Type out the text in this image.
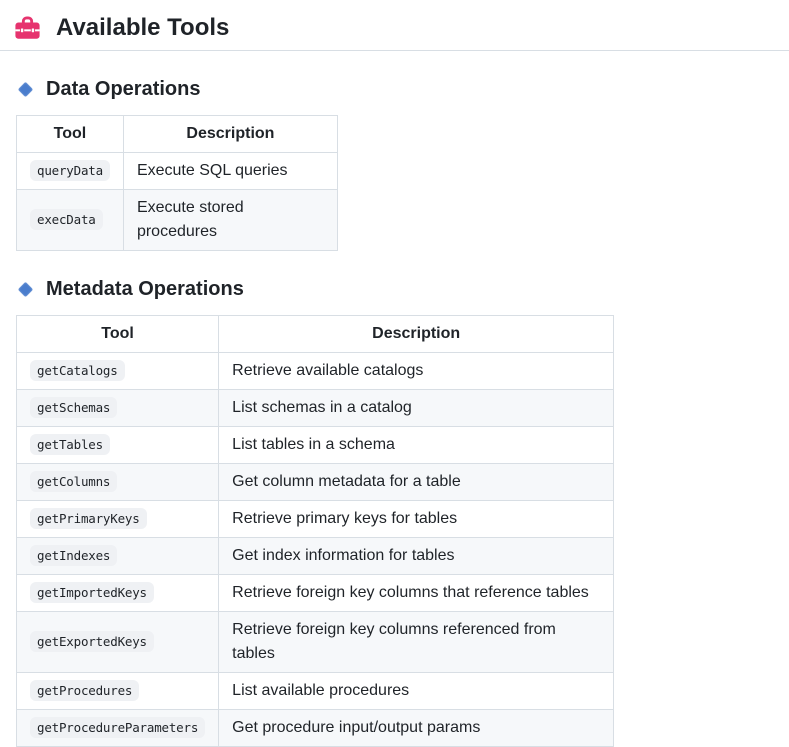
Available Tools
Data Operations
Tool	Description
queryData	Execute SQL queries
execData	Execute stored procedures
Metadata Operations
Tool	Description
getCatalogs	Retrieve available catalogs
getSchemas	List schemas in a catalog
getTables	List tables in a schema
getColumns	Get column metadata for a table
getPrimaryKeys	Retrieve primary keys for tables
getIndexes	Get index information for tables
getImportedKeys	Retrieve foreign key columns that reference tables
getExportedKeys	Retrieve foreign key columns referenced from tables
getProcedures	List available procedures
getProcedureParameters	Get procedure input/output params
